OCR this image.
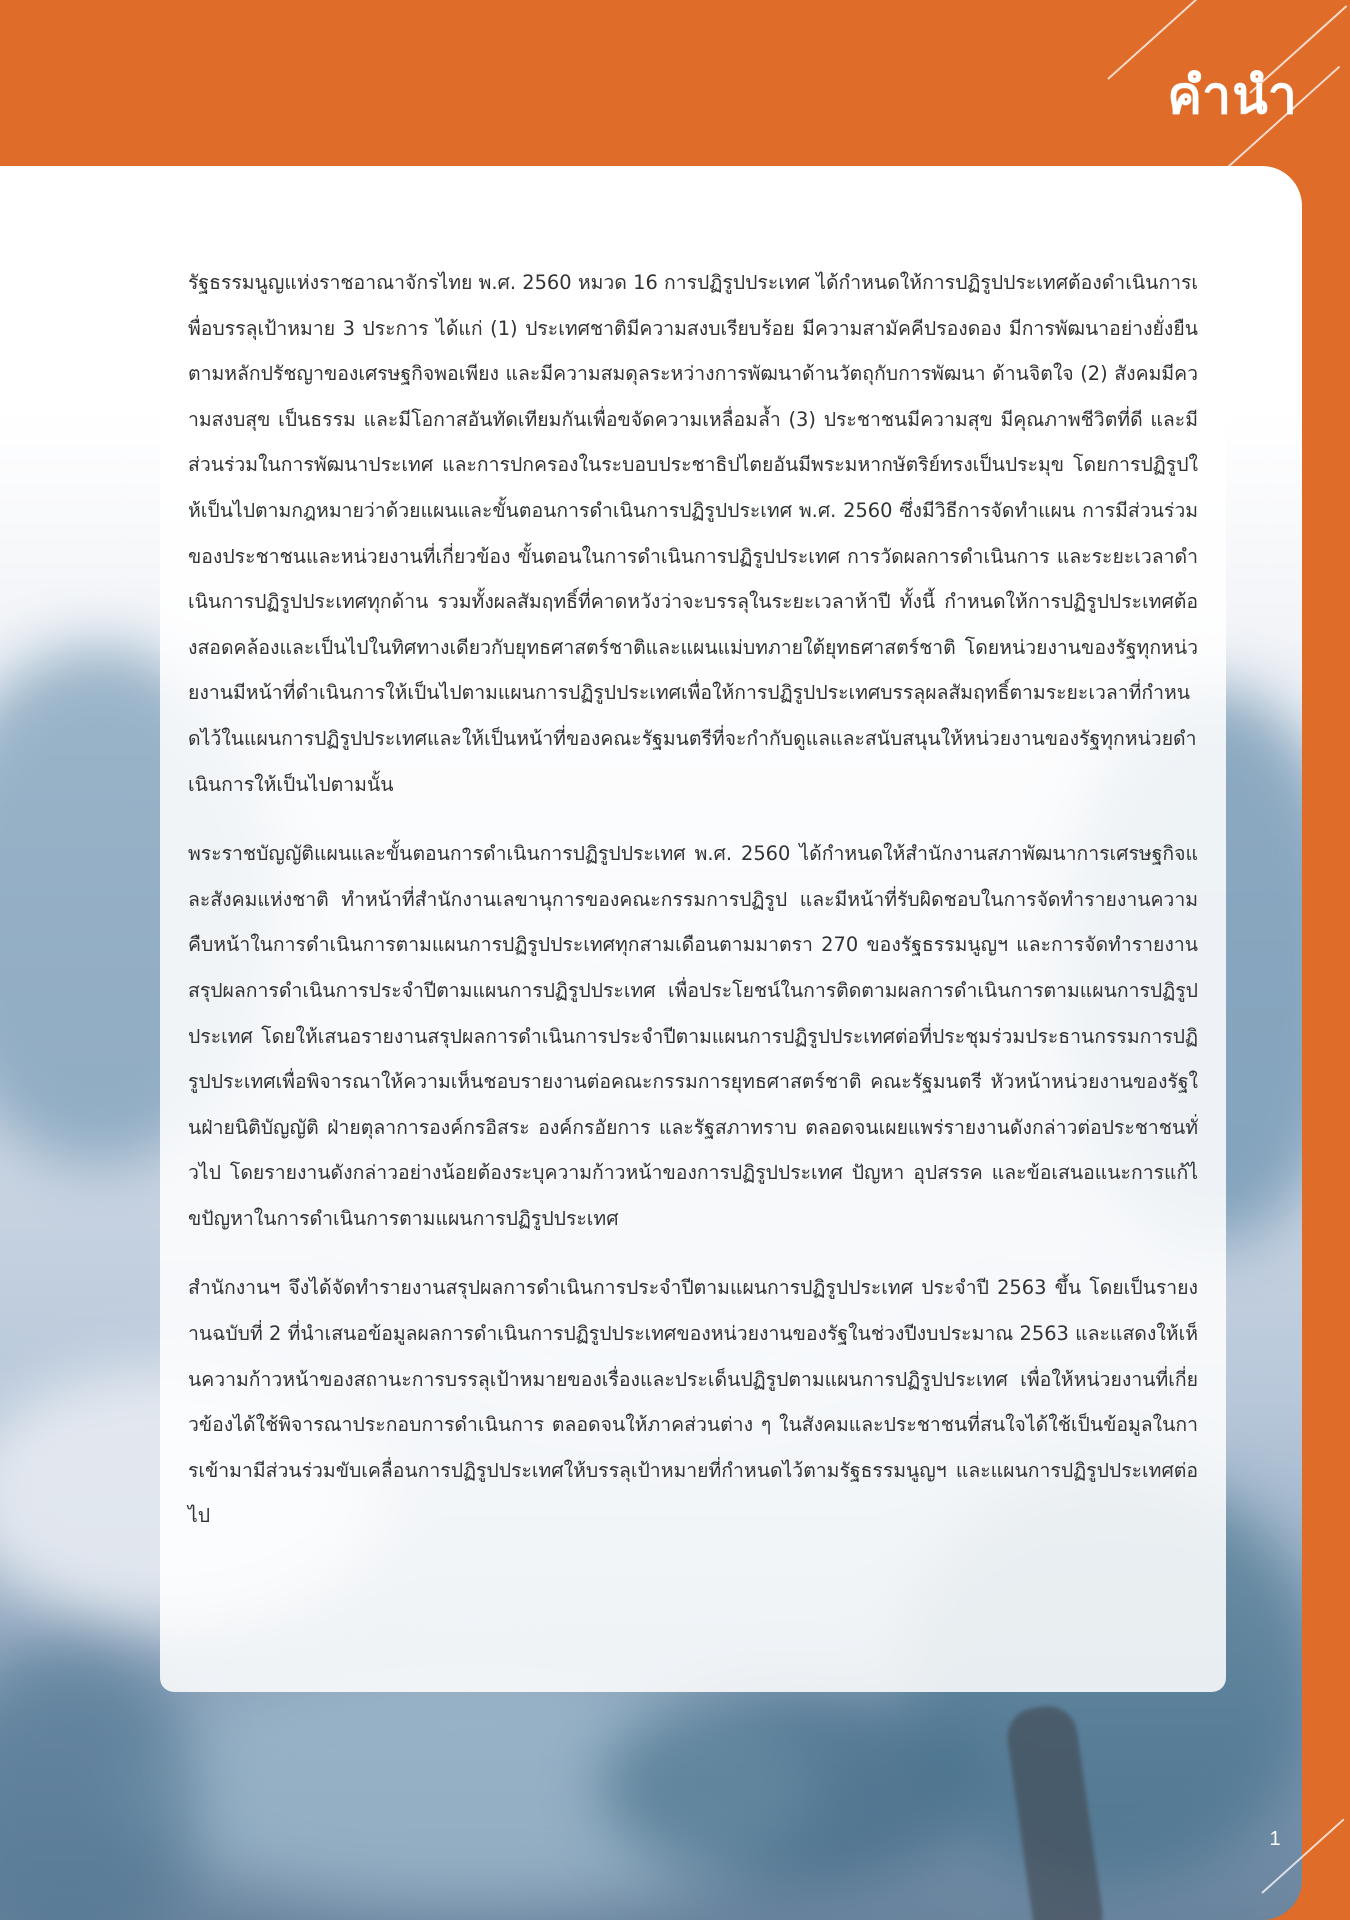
คำนำ

รัฐธรรมนูญแห่งราชอาณาจักรไทย พ.ศ. 2560 หมวด 16 การปฏิรูปประเทศ ได้กำหนดให้การปฏิรูปประเทศต้องดำเนินการเพื่อบรรลุเป้าหมาย 3 ประการ ได้แก่ (1) ประเทศชาติมีความสงบเรียบร้อย มีความสามัคคีปรองดอง มีการพัฒนาอย่างยั่งยืนตามหลักปรัชญาของเศรษฐกิจพอเพียง และมีความสมดุลระหว่างการพัฒนาด้านวัตถุกับการพัฒนา ด้านจิตใจ (2) สังคมมีความสงบสุข เป็นธรรม และมีโอกาสอันทัดเทียมกันเพื่อขจัดความเหลื่อมล้ำ (3) ประชาชนมีความสุข มีคุณภาพชีวิตที่ดี และมีส่วนร่วมในการพัฒนาประเทศ และการปกครองในระบอบประชาธิปไตยอันมีพระมหากษัตริย์ทรงเป็นประมุข โดยการปฏิรูปให้เป็นไปตามกฎหมายว่าด้วยแผนและขั้นตอนการดำเนินการปฏิรูปประเทศ พ.ศ. 2560 ซึ่งมีวิธีการจัดทำแผน การมีส่วนร่วมของประชาชนและหน่วยงานที่เกี่ยวข้อง ขั้นตอนในการดำเนินการปฏิรูปประเทศ การวัดผลการดำเนินการ และระยะเวลาดำเนินการปฏิรูปประเทศทุกด้าน รวมทั้งผลสัมฤทธิ์ที่คาดหวังว่าจะบรรลุในระยะเวลาห้าปี ทั้งนี้ กำหนดให้การปฏิรูปประเทศต้องสอดคล้องและเป็นไปในทิศทางเดียวกับยุทธศาสตร์ชาติและแผนแม่บทภายใต้ยุทธศาสตร์ชาติ โดยหน่วยงานของรัฐทุกหน่วยงานมีหน้าที่ดำเนินการให้เป็นไปตามแผนการปฏิรูปประเทศเพื่อให้การปฏิรูปประเทศบรรลุผลสัมฤทธิ์ตามระยะเวลาที่กำหนดไว้ในแผนการปฏิรูปประเทศและให้เป็นหน้าที่ของคณะรัฐมนตรีที่จะกำกับดูแลและสนับสนุนให้หน่วยงานของรัฐทุกหน่วยดำเนินการให้เป็นไปตามนั้น

พระราชบัญญัติแผนและขั้นตอนการดำเนินการปฏิรูปประเทศ พ.ศ. 2560 ได้กำหนดให้สำนักงานสภาพัฒนาการเศรษฐกิจและสังคมแห่งชาติ ทำหน้าที่สำนักงานเลขานุการของคณะกรรมการปฏิรูป และมีหน้าที่รับผิดชอบในการจัดทำรายงานความคืบหน้าในการดำเนินการตามแผนการปฏิรูปประเทศทุกสามเดือนตามมาตรา 270 ของรัฐธรรมนูญฯ และการจัดทำรายงานสรุปผลการดำเนินการประจำปีตามแผนการปฏิรูปประเทศ เพื่อประโยชน์ในการติดตามผลการดำเนินการตามแผนการปฏิรูปประเทศ โดยให้เสนอรายงานสรุปผลการดำเนินการประจำปีตามแผนการปฏิรูปประเทศต่อที่ประชุมร่วมประธานกรรมการปฏิรูปประเทศเพื่อพิจารณาให้ความเห็นชอบรายงานต่อคณะกรรมการยุทธศาสตร์ชาติ คณะรัฐมนตรี หัวหน้าหน่วยงานของรัฐในฝ่ายนิติบัญญัติ ฝ่ายตุลาการองค์กรอิสระ องค์กรอัยการ และรัฐสภาทราบ ตลอดจนเผยแพร่รายงานดังกล่าวต่อประชาชนทั่วไป โดยรายงานดังกล่าวอย่างน้อยต้องระบุความก้าวหน้าของการปฏิรูปประเทศ ปัญหา อุปสรรค และข้อเสนอแนะการแก้ไขปัญหาในการดำเนินการตามแผนการปฏิรูปประเทศ

สำนักงานฯ จึงได้จัดทำรายงานสรุปผลการดำเนินการประจำปีตามแผนการปฏิรูปประเทศ ประจำปี 2563 ขึ้น โดยเป็นรายงานฉบับที่ 2 ที่นำเสนอข้อมูลผลการดำเนินการปฏิรูปประเทศของหน่วยงานของรัฐในช่วงปีงบประมาณ 2563 และแสดงให้เห็นความก้าวหน้าของสถานะการบรรลุเป้าหมายของเรื่องและประเด็นปฏิรูปตามแผนการปฏิรูปประเทศ เพื่อให้หน่วยงานที่เกี่ยวข้องได้ใช้พิจารณาประกอบการดำเนินการ ตลอดจนให้ภาคส่วนต่าง ๆ ในสังคมและประชาชนที่สนใจได้ใช้เป็นข้อมูลในการเข้ามามีส่วนร่วมขับเคลื่อนการปฏิรูปประเทศให้บรรลุเป้าหมายที่กำหนดไว้ตามรัฐธรรมนูญฯ และแผนการปฏิรูปประเทศต่อไป

1
